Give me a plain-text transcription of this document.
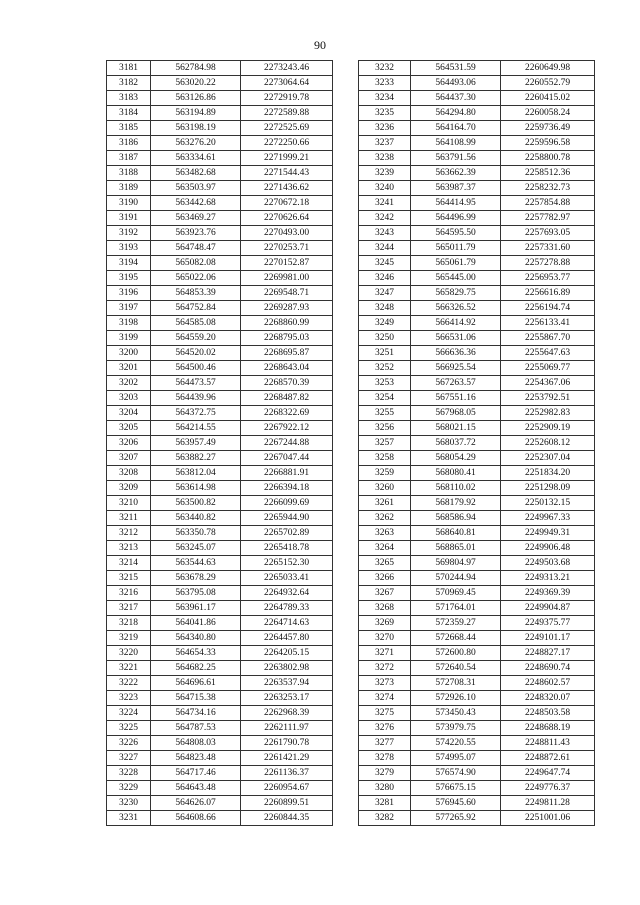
90
3181	562784.98	2273243.46
3182	563020.22	2273064.64
3183	563126.86	2272919.78
3184	563194.89	2272589.88
3185	563198.19	2272525.69
3186	563276.20	2272250.66
3187	563334.61	2271999.21
3188	563482.68	2271544.43
3189	563503.97	2271436.62
3190	563442.68	2270672.18
3191	563469.27	2270626.64
3192	563923.76	2270493.00
3193	564748.47	2270253.71
3194	565082.08	2270152.87
3195	565022.06	2269981.00
3196	564853.39	2269548.71
3197	564752.84	2269287.93
3198	564585.08	2268860.99
3199	564559.20	2268795.03
3200	564520.02	2268695.87
3201	564500.46	2268643.04
3202	564473.57	2268570.39
3203	564439.96	2268487.82
3204	564372.75	2268322.69
3205	564214.55	2267922.12
3206	563957.49	2267244.88
3207	563882.27	2267047.44
3208	563812.04	2266881.91
3209	563614.98	2266394.18
3210	563500.82	2266099.69
3211	563440.82	2265944.90
3212	563350.78	2265702.89
3213	563245.07	2265418.78
3214	563544.63	2265152.30
3215	563678.29	2265033.41
3216	563795.08	2264932.64
3217	563961.17	2264789.33
3218	564041.86	2264714.63
3219	564340.80	2264457.80
3220	564654.33	2264205.15
3221	564682.25	2263802.98
3222	564696.61	2263537.94
3223	564715.38	2263253.17
3224	564734.16	2262968.39
3225	564787.53	2262111.97
3226	564808.03	2261790.78
3227	564823.48	2261421.29
3228	564717.46	2261136.37
3229	564643.48	2260954.67
3230	564626.07	2260899.51
3231	564608.66	2260844.35
3232	564531.59	2260649.98
3233	564493.06	2260552.79
3234	564437.30	2260415.02
3235	564294.80	2260058.24
3236	564164.70	2259736.49
3237	564108.99	2259596.58
3238	563791.56	2258800.78
3239	563662.39	2258512.36
3240	563987.37	2258232.73
3241	564414.95	2257854.88
3242	564496.99	2257782.97
3243	564595.50	2257693.05
3244	565011.79	2257331.60
3245	565061.79	2257278.88
3246	565445.00	2256953.77
3247	565829.75	2256616.89
3248	566326.52	2256194.74
3249	566414.92	2256133.41
3250	566531.06	2255867.70
3251	566636.36	2255647.63
3252	566925.54	2255069.77
3253	567263.57	2254367.06
3254	567551.16	2253792.51
3255	567968.05	2252982.83
3256	568021.15	2252909.19
3257	568037.72	2252608.12
3258	568054.29	2252307.04
3259	568080.41	2251834.20
3260	568110.02	2251298.09
3261	568179.92	2250132.15
3262	568586.94	2249967.33
3263	568640.81	2249949.31
3264	568865.01	2249906.48
3265	569804.97	2249503.68
3266	570244.94	2249313.21
3267	570969.45	2249369.39
3268	571764.01	2249904.87
3269	572359.27	2249375.77
3270	572668.44	2249101.17
3271	572600.80	2248827.17
3272	572640.54	2248690.74
3273	572708.31	2248602.57
3274	572926.10	2248320.07
3275	573450.43	2248503.58
3276	573979.75	2248688.19
3277	574220.55	2248811.43
3278	574995.07	2248872.61
3279	576574.90	2249647.74
3280	576675.15	2249776.37
3281	576945.60	2249811.28
3282	577265.92	2251001.06
